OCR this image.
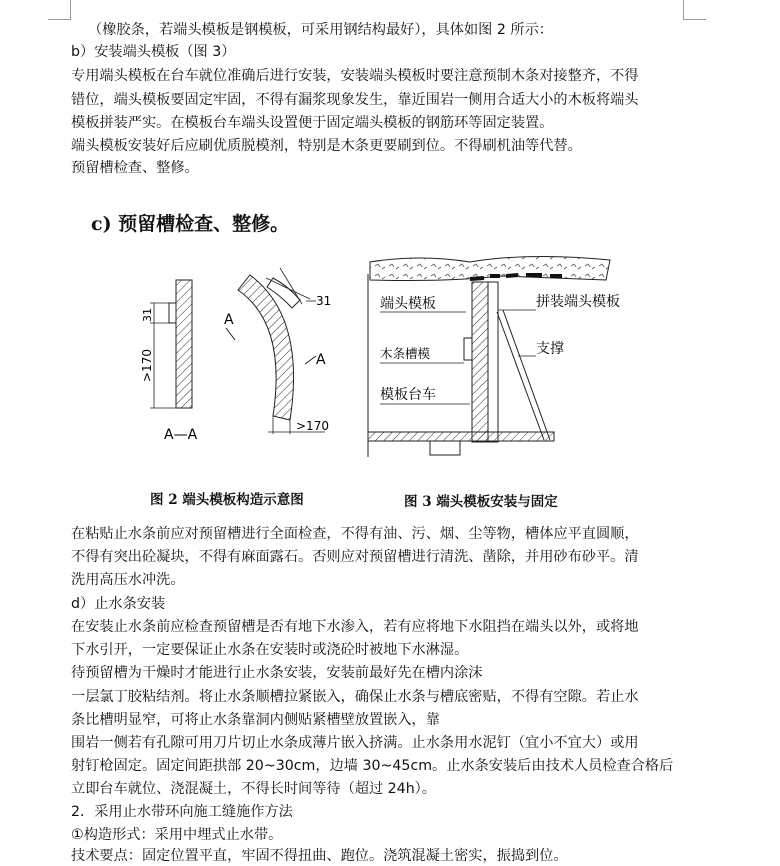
（橡胶条，若端头模板是钢模板，可采用钢结构最好），具体如图 2 所示：
b）安装端头模板（图 3）
专用端头模板在台车就位准确后进行安装，安装端头模板时要注意预制木条对接整齐，不得
错位，端头模板要固定牢固，不得有漏浆现象发生，靠近围岩一侧用合适大小的木板将端头
模板拼装严实。在模板台车端头设置便于固定端头模板的钢筋环等固定装置。
端头模板安装好后应刷优质脱模剂，特别是木条更要刷到位。不得刷机油等代替。
预留槽检查、整修。
c) 预留槽检查、整修。
31
>170
A—A
31
>170
A
A
图 2 端头模板构造示意图
端头模板	拼装端头模板
支撑
木条槽模
模板台车
图 3 端头模板安装与固定
在粘贴止水条前应对预留槽进行全面检查，不得有油、污、烟、尘等物，槽体应平直圆顺，
不得有突出砼凝块，不得有麻面露石。否则应对预留槽进行清洗、凿除，并用砂布砂平。清
洗用高压水冲洗。
d）止水条安装
在安装止水条前应检查预留槽是否有地下水渗入，若有应将地下水阻挡在端头以外，或将地
下水引开，一定要保证止水条在安装时或浇砼时被地下水淋湿。
待预留槽为干燥时才能进行止水条安装，安装前最好先在槽内涂沫
一层氯丁胶粘结剂。将止水条顺槽拉紧嵌入，确保止水条与槽底密贴，不得有空隙。若止水
条比槽明显窄，可将止水条靠洞内侧贴紧槽壁放置嵌入，靠
围岩一侧若有孔隙可用刀片切止水条成薄片嵌入挤满。止水条用水泥钉（宜小不宜大）或用
射钉枪固定。固定间距拱部 20~30cm，边墙 30~45cm。止水条安装后由技术人员检查合格后
立即台车就位、浇混凝土，不得长时间等待（超过 24h）。
2．采用止水带环向施工缝施作方法
①构造形式：采用中埋式止水带。
技术要点：固定位置平直，牢固不得扭曲、跑位。浇筑混凝土密实，振捣到位。
